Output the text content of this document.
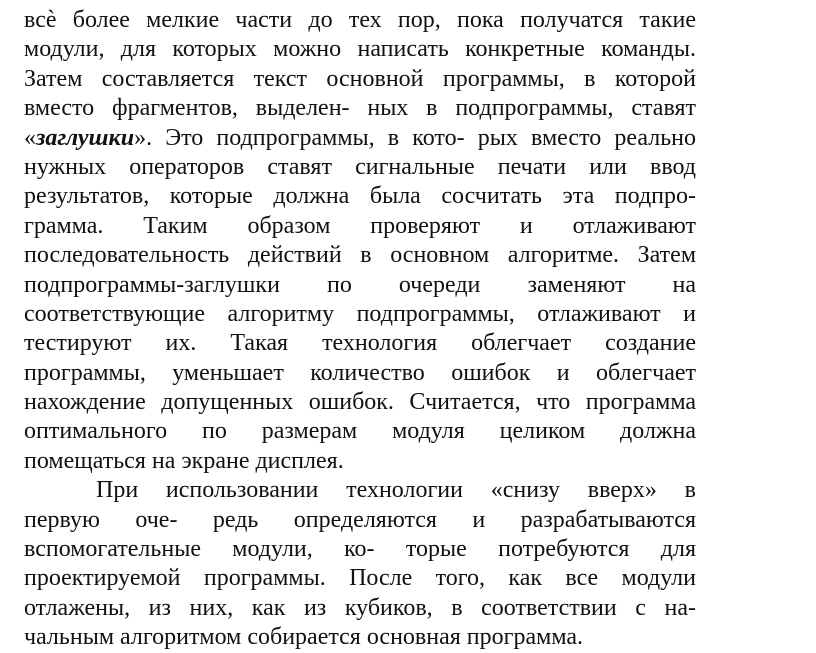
всѐ более мелкие части до тех пор, пока получатся такие
модули, для которых можно написать конкретные команды.
Затем составляется текст основной программы, в которой
вместо фрагментов, выделен- ных в подпрограммы, ставят
«заглушки». Это подпрограммы, в кото- рых вместо реально
нужных операторов ставят сигнальные печати или ввод
результатов, которые должна была сосчитать эта подпро-
грамма. Таким образом проверяют и отлаживают
последовательность действий в основном алгоритме. Затем
подпрограммы-заглушки по очереди заменяют на
соответствующие алгоритму подпрограммы, отлаживают и
тестируют их. Такая технология облегчает создание
программы, уменьшает количество ошибок и облегчает
нахождение допущенных ошибок. Считается, что программа
оптимального по размерам модуля целиком должна
помещаться на экране дисплея.
При использовании технологии «снизу вверх» в
первую оче- редь определяются и разрабатываются
вспомогательные модули, ко- торые потребуются для
проектируемой программы. После того, как все модули
отлажены, из них, как из кубиков, в соответствии с на-
чальным алгоритмом собирается основная программа.
